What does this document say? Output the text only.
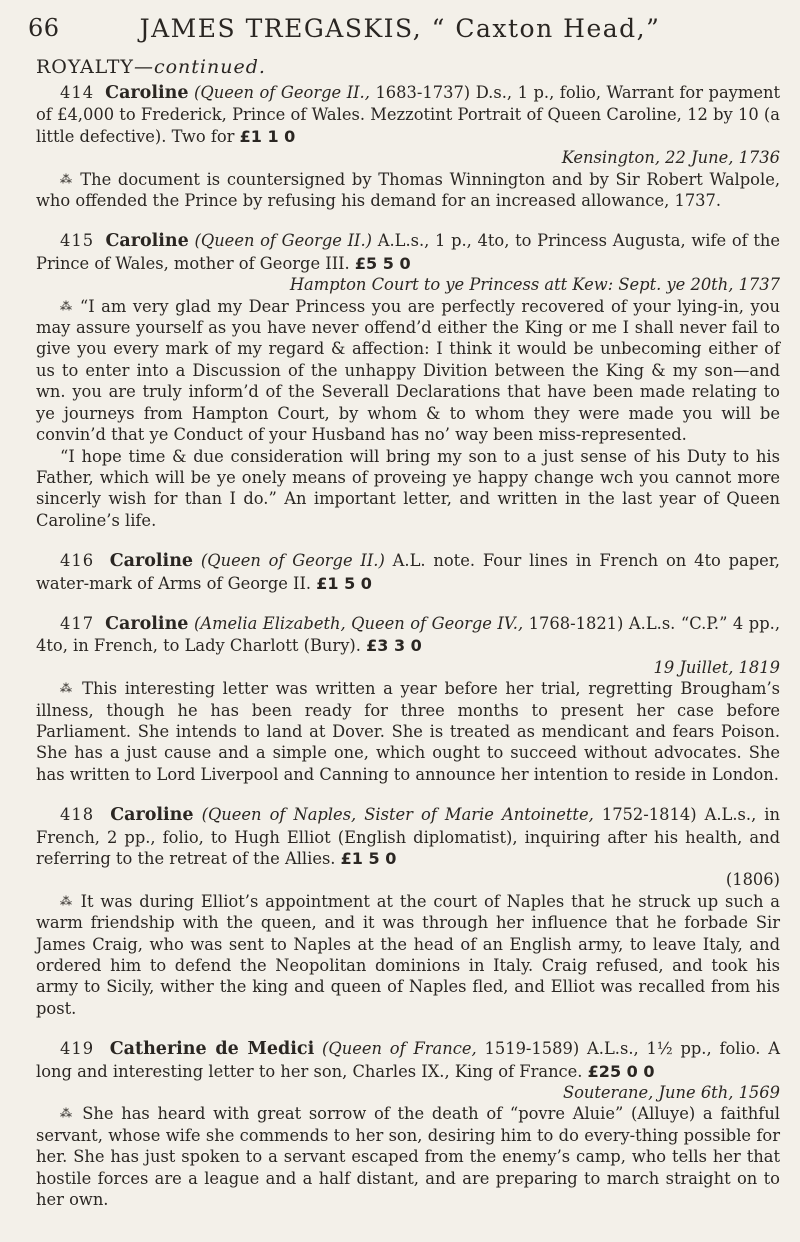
66	JAMES TREGASKIS, “ Caxton Head,”
ROYALTY—continued.

414 Caroline (Queen of George II., 1683-1737) D.s., 1 p., folio, Warrant for payment of £4,000 to Frederick, Prince of Wales. Mezzotint Portrait of Queen Caroline, 12 by 10 (a little defective). Two for £1 1 0

Kensington, 22 June, 1736

⁂ The document is countersigned by Thomas Winnington and by Sir Robert Walpole, who offended the Prince by refusing his demand for an increased allowance, 1737.

415 Caroline (Queen of George II.) A.L.s., 1 p., 4to, to Princess Augusta, wife of the Prince of Wales, mother of George III. £5 5 0

Hampton Court to ye Princess att Kew: Sept. ye 20th, 1737

⁂ “I am very glad my Dear Princess you are perfectly recovered of your lying-in, you may assure yourself as you have never offend’d either the King or me I shall never fail to give you every mark of my regard & affection: I think it would be unbecoming either of us to enter into a Discussion of the unhappy Divition between the King & my son—and wn. you are truly inform’d of the Severall Declarations that have been made relating to ye journeys from Hampton Court, by whom & to whom they were made you will be convin’d that ye Conduct of your Husband has no’ way been miss-represented.

“I hope time & due consideration will bring my son to a just sense of his Duty to his Father, which will be ye onely means of proveing ye happy change wch you cannot more sincerly wish for than I do.” An important letter, and written in the last year of Queen Caroline’s life.

416 Caroline (Queen of George II.) A.L. note. Four lines in French on 4to paper, water-mark of Arms of George II. £1 5 0

417 Caroline (Amelia Elizabeth, Queen of George IV., 1768-1821) A.L.s. “C.P.” 4 pp., 4to, in French, to Lady Charlott (Bury). £3 3 0

19 Juillet, 1819

⁂ This interesting letter was written a year before her trial, regretting Brougham’s illness, though he has been ready for three months to present her case before Parliament. She intends to land at Dover. She is treated as mendicant and fears Poison. She has a just cause and a simple one, which ought to succeed without advocates. She has written to Lord Liverpool and Canning to announce her intention to reside in London.

418 Caroline (Queen of Naples, Sister of Marie Antoinette, 1752-1814) A.L.s., in French, 2 pp., folio, to Hugh Elliot (English diplomatist), inquiring after his health, and referring to the retreat of the Allies. £1 5 0

(1806)

⁂ It was during Elliot’s appointment at the court of Naples that he struck up such a warm friendship with the queen, and it was through her influence that he forbade Sir James Craig, who was sent to Naples at the head of an English army, to leave Italy, and ordered him to defend the Neopolitan dominions in Italy. Craig refused, and took his army to Sicily, wither the king and queen of Naples fled, and Elliot was recalled from his post.

419 Catherine de Medici (Queen of France, 1519-1589) A.L.s., 1½ pp., folio. A long and interesting letter to her son, Charles IX., King of France. £25 0 0

Souterane, June 6th, 1569

⁂ She has heard with great sorrow of the death of “povre Aluie” (Alluye) a faithful servant, whose wife she commends to her son, desiring him to do every-thing possible for her. She has just spoken to a servant escaped from the enemy’s camp, who tells her that hostile forces are a league and a half distant, and are preparing to march straight on to her own.
